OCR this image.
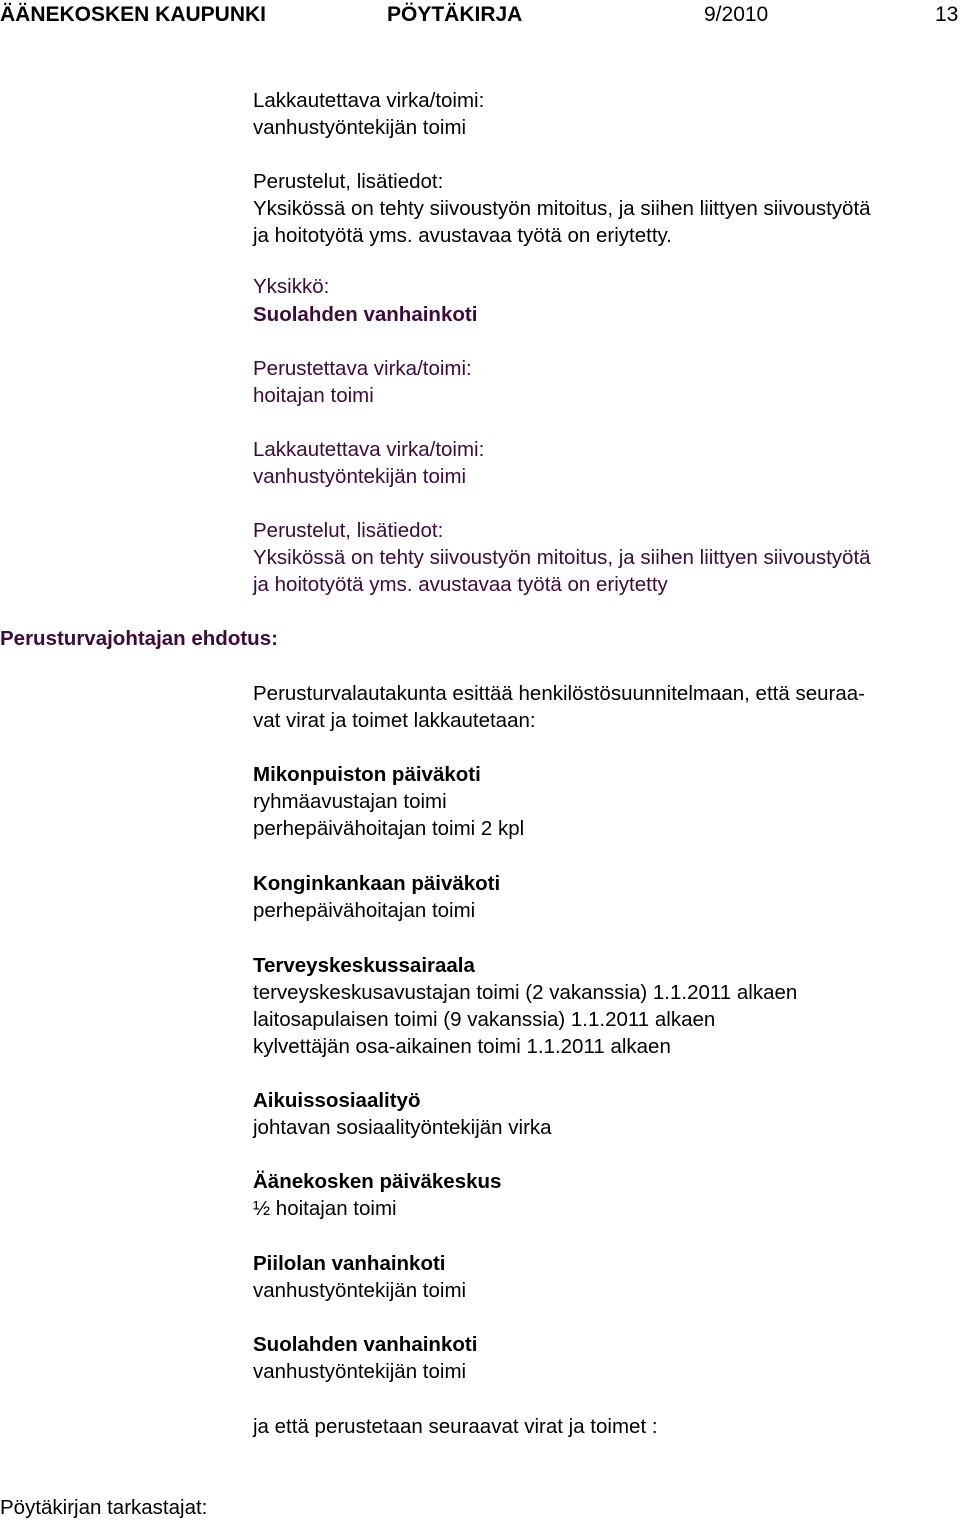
ÄÄNEKOSKEN KAUPUNKI	PÖYTÄKIRJA	9/2010	13
Lakkautettava virka/toimi:
vanhustyöntekijän toimi
Perustelut, lisätiedot:
Yksikössä on tehty siivoustyön mitoitus, ja siihen liittyen siivoustyötä
ja hoitotyötä yms. avustavaa työtä on eriytetty.
Yksikkö:
Suolahden vanhainkoti
Perustettava virka/toimi:
hoitajan toimi
Lakkautettava virka/toimi:
vanhustyöntekijän toimi
Perustelut, lisätiedot:
Yksikössä on tehty siivoustyön mitoitus, ja siihen liittyen siivoustyötä
ja hoitotyötä yms. avustavaa työtä on eriytetty
Perusturvajohtajan ehdotus:
Perusturvalautakunta esittää henkilöstösuunnitelmaan, että seuraa-
vat virat ja toimet lakkautetaan:
Mikonpuiston päiväkoti
ryhmäavustajan toimi
perhepäivähoitajan toimi 2 kpl
Konginkankaan päiväkoti
perhepäivähoitajan toimi
Terveyskeskussairaala
terveyskeskusavustajan toimi (2 vakanssia) 1.1.2011 alkaen
laitosapulaisen toimi (9 vakanssia) 1.1.2011 alkaen
kylvettäjän osa-aikainen toimi 1.1.2011 alkaen
Aikuissosiaalityö
johtavan sosiaalityöntekijän virka
Äänekosken päiväkeskus
½ hoitajan toimi
Piilolan vanhainkoti
vanhustyöntekijän toimi
Suolahden vanhainkoti
vanhustyöntekijän toimi
ja että perustetaan seuraavat virat ja toimet :
Pöytäkirjan tarkastajat:
